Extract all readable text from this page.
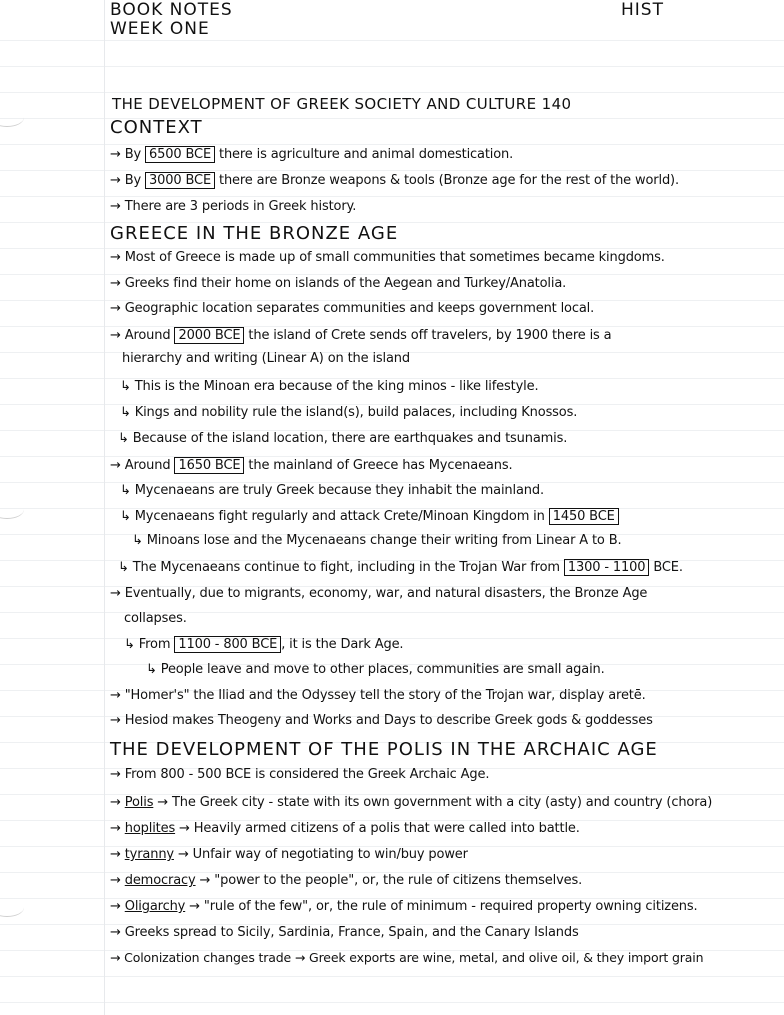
BOOK NOTES
WEEK ONE
HIST
THE DEVELOPMENT OF GREEK SOCIETY AND CULTURE 140
CONTEXT
→ By 6500 BCE there is agriculture and animal domestication.
→ By 3000 BCE there are Bronze weapons & tools (Bronze age for the rest of the world).
→ There are 3 periods in Greek history.
GREECE IN THE BRONZE AGE
→ Most of Greece is made up of small communities that sometimes became kingdoms.
→ Greeks find their home on islands of the Aegean and Turkey/Anatolia.
→ Geographic location separates communities and keeps government local.
→ Around 2000 BCE the island of Crete sends off travelers, by 1900 there is a
hierarchy and writing (Linear A) on the island
↳ This is the Minoan era because of the king minos - like lifestyle.
↳ Kings and nobility rule the island(s), build palaces, including Knossos.
↳ Because of the island location, there are earthquakes and tsunamis.
→ Around 1650 BCE the mainland of Greece has Mycenaeans.
↳ Mycenaeans are truly Greek because they inhabit the mainland.
↳ Mycenaeans fight regularly and attack Crete/Minoan Kingdom in 1450 BCE
↳ Minoans lose and the Mycenaeans change their writing from Linear A to B.
↳ The Mycenaeans continue to fight, including in the Trojan War from 1300 - 1100 BCE.
→ Eventually, due to migrants, economy, war, and natural disasters, the Bronze Age
collapses.
↳ From 1100 - 800 BCE , it is the Dark Age.
↳ People leave and move to other places, communities are small again.
→ "Homer's" the Iliad and the Odyssey tell the story of the Trojan war, display aretē.
→ Hesiod makes Theogeny and Works and Days to describe Greek gods & goddesses
THE DEVELOPMENT OF THE POLIS IN THE ARCHAIC AGE
→ From 800 - 500 BCE is considered the Greek Archaic Age.
→ Polis → The Greek city - state with its own government with a city (asty) and country (chora)
→ hoplites → Heavily armed citizens of a polis that were called into battle.
→ tyranny → Unfair way of negotiating to win/buy power
→ democracy → "power to the people", or, the rule of citizens themselves.
→ Oligarchy → "rule of the few", or, the rule of minimum - required property owning citizens.
→ Greeks spread to Sicily, Sardinia, France, Spain, and the Canary Islands
→ Colonization changes trade → Greek exports are wine, metal, and olive oil, & they import grain
